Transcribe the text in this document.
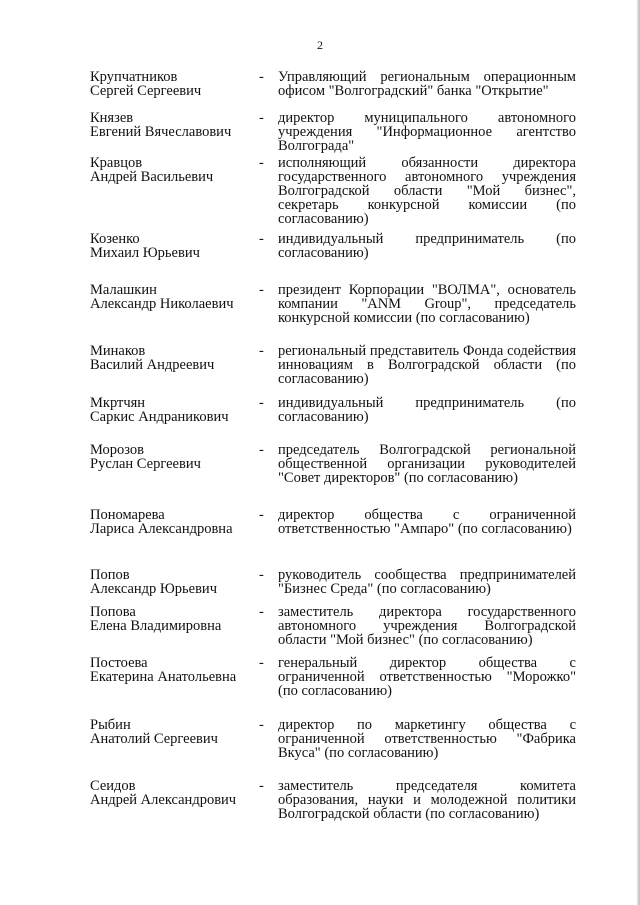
2
Крупчатников
Сергей Сергеевич
- Управляющий региональным операционным офисом "Волгоградский" банка "Открытие"
Князев
Евгений Вячеславович
- директор муниципального автономного учреждения "Информационное агентство Волгограда"
Кравцов
Андрей Васильевич
- исполняющий обязанности директора государственного автономного учреждения Волгоградской области "Мой бизнес", секретарь конкурсной комиссии (по согласованию)
Козенко
Михаил Юрьевич
- индивидуальный предприниматель (по согласованию)
Малашкин
Александр Николаевич
- президент Корпорации "ВОЛМА", основатель компании "ANM Group", председатель конкурсной комиссии (по согласованию)
Минаков
Василий Андреевич
- региональный представитель Фонда содействия инновациям в Волгоградской области (по согласованию)
Мкртчян
Саркис Андраникович
- индивидуальный предприниматель (по согласованию)
Морозов
Руслан Сергеевич
- председатель Волгоградской региональной общественной организации руководителей "Совет директоров" (по согласованию)
Пономарева
Лариса Александровна
- директор общества с ограниченной ответственностью "Ампаро" (по согласованию)
Попов
Александр Юрьевич
- руководитель сообщества предпринимателей "Бизнес Среда" (по согласованию)
Попова
Елена Владимировна
- заместитель директора государственного автономного учреждения Волгоградской области "Мой бизнес" (по согласованию)
Постоева
Екатерина Анатольевна
- генеральный директор общества с ограниченной ответственностью "Морожко" (по согласованию)
Рыбин
Анатолий Сергеевич
- директор по маркетингу общества с ограниченной ответственностью "Фабрика Вкуса" (по согласованию)
Сеидов
Андрей Александрович
- заместитель председателя комитета образования, науки и молодежной политики Волгоградской области (по согласованию)
